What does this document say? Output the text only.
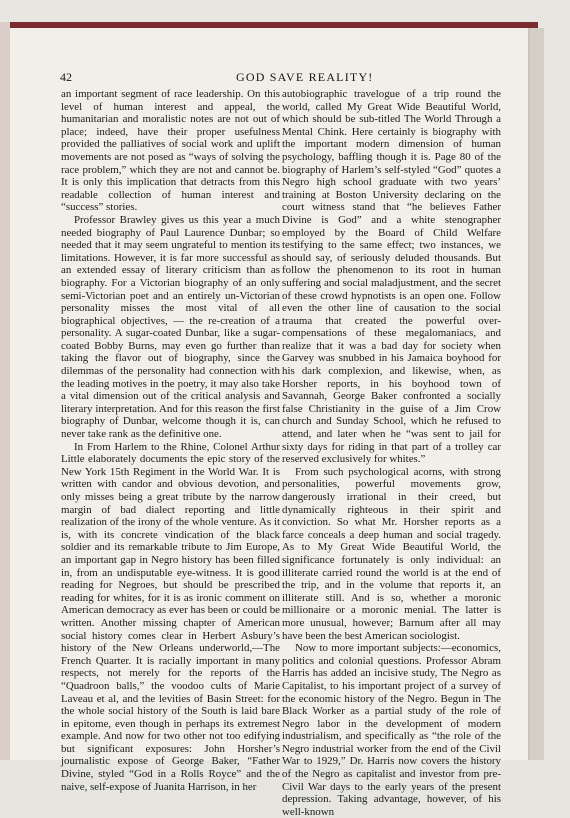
42	GOD SAVE REALITY!

an important segment of race leadership. On this level of human interest and appeal, the humanitarian and moralistic notes are not out of place; indeed, have their proper usefulness provided the palliatives of social work and uplift movements are not posed as “ways of solving the race problem,” which they are not and cannot be. It is only this implication that detracts from this readable collection of human interest and “success” stories.

Professor Brawley gives us this year a much needed biography of Paul Laurence Dunbar; so needed that it may seem ungrateful to mention its limitations. However, it is far more successful as an extended essay of literary criticism than as biography. For a Victorian biography of an only semi-Victorian poet and an entirely un-Victorian personality misses the most vital of all biographical objectives, — the re-creation of a personality. A sugar-coated Dunbar, like a sugar-coated Bobby Burns, may even go further than taking the flavor out of biography, since the dilemmas of the personality had connection with the leading motives in the poetry, it may also take a vital dimension out of the critical analysis and literary interpretation. And for this reason the first biography of Dunbar, welcome though it is, can never take rank as the definitive one.

In From Harlem to the Rhine, Colonel Arthur Little elaborately documents the epic story of the New York 15th Regiment in the World War. It is written with candor and obvious devotion, and only misses being a great tribute by the narrow margin of bad dialect reporting and little realization of the irony of the whole venture. As it is, with its concrete vindication of the black soldier and its remarkable tribute to Jim Europe, an important gap in Negro history has been filled in, from an undisputable eye-witness. It is good reading for Negroes, but should be prescribed reading for whites, for it is as ironic comment on American democracy as ever has been or could be written. Another missing chapter of American social history comes clear in Herbert Asbury’s history of the New Orleans underworld,—The French Quarter. It is racially important in many respects, not merely for the reports of the “Quadroon balls,” the voodoo cults of Marie Laveau et al, and the levities of Basin Street: for the whole social history of the South is laid bare in epitome, even though in perhaps its extremest example. And now for two other not too edifying but significant exposures: John Horsher’s journalistic expose of George Baker, “Father Divine, styled “God in a Rolls Royce” and the naive, self-expose of Juanita Harrison, in her

autobiographic travelogue of a trip round the world, called My Great Wide Beautiful World, which should be sub-titled The World Through a Mental Chink. Here certainly is biography with the important modern dimension of human psychology, baffling though it is. Page 80 of the biography of Harlem’s self-styled “God” quotes a Negro high school graduate with two years’ training at Boston University declaring on the court witness stand that “he believes Father Divine is God” and a white stenographer employed by the Board of Child Welfare testifying to the same effect; two instances, we should say, of seriously deluded thousands. But follow the phenomenon to its root in human suffering and social maladjustment, and the secret of these crowd hypnotists is an open one. Follow even the other line of causation to the social trauma that created the powerful over-compensations of these megalomaniacs, and realize that it was a bad day for society when Garvey was snubbed in his Jamaica boyhood for his dark complexion, and likewise, when, as Horsher reports, in his boyhood town of Savannah, George Baker confronted a socially false Christianity in the guise of a Jim Crow church and Sunday School, which he refused to attend, and later when he “was sent to jail for sixty days for riding in that part of a trolley car reserved exclusively for whites.”

From such psychological acorns, with strong personalities, powerful movements grow, dangerously irrational in their creed, but dynamically righteous in their spirit and conviction. So what Mr. Horsher reports as a farce conceals a deep human and social tragedy. As to My Great Wide Beautiful World, the significance fortunately is only individual: an illiterate carried round the world is at the end of the trip, and in the volume that reports it, an illiterate still. And is so, whether a moronic millionaire or a moronic menial. The latter is more unusual, however; Barnum after all may have been the best American sociologist.

Now to more important subjects:—economics, politics and colonial questions. Professor Abram Harris has added an incisive study, The Negro as Capitalist, to his important project of a survey of the economic history of the Negro. Begun in The Black Worker as a partial study of the role of Negro labor in the development of modern industrialism, and specifically as “the role of the Negro industrial worker from the end of the Civil War to 1929,” Dr. Harris now covers the history of the Negro as capitalist and investor from pre-Civil War days to the early years of the present depression. Taking advantage, however, of his well-known
